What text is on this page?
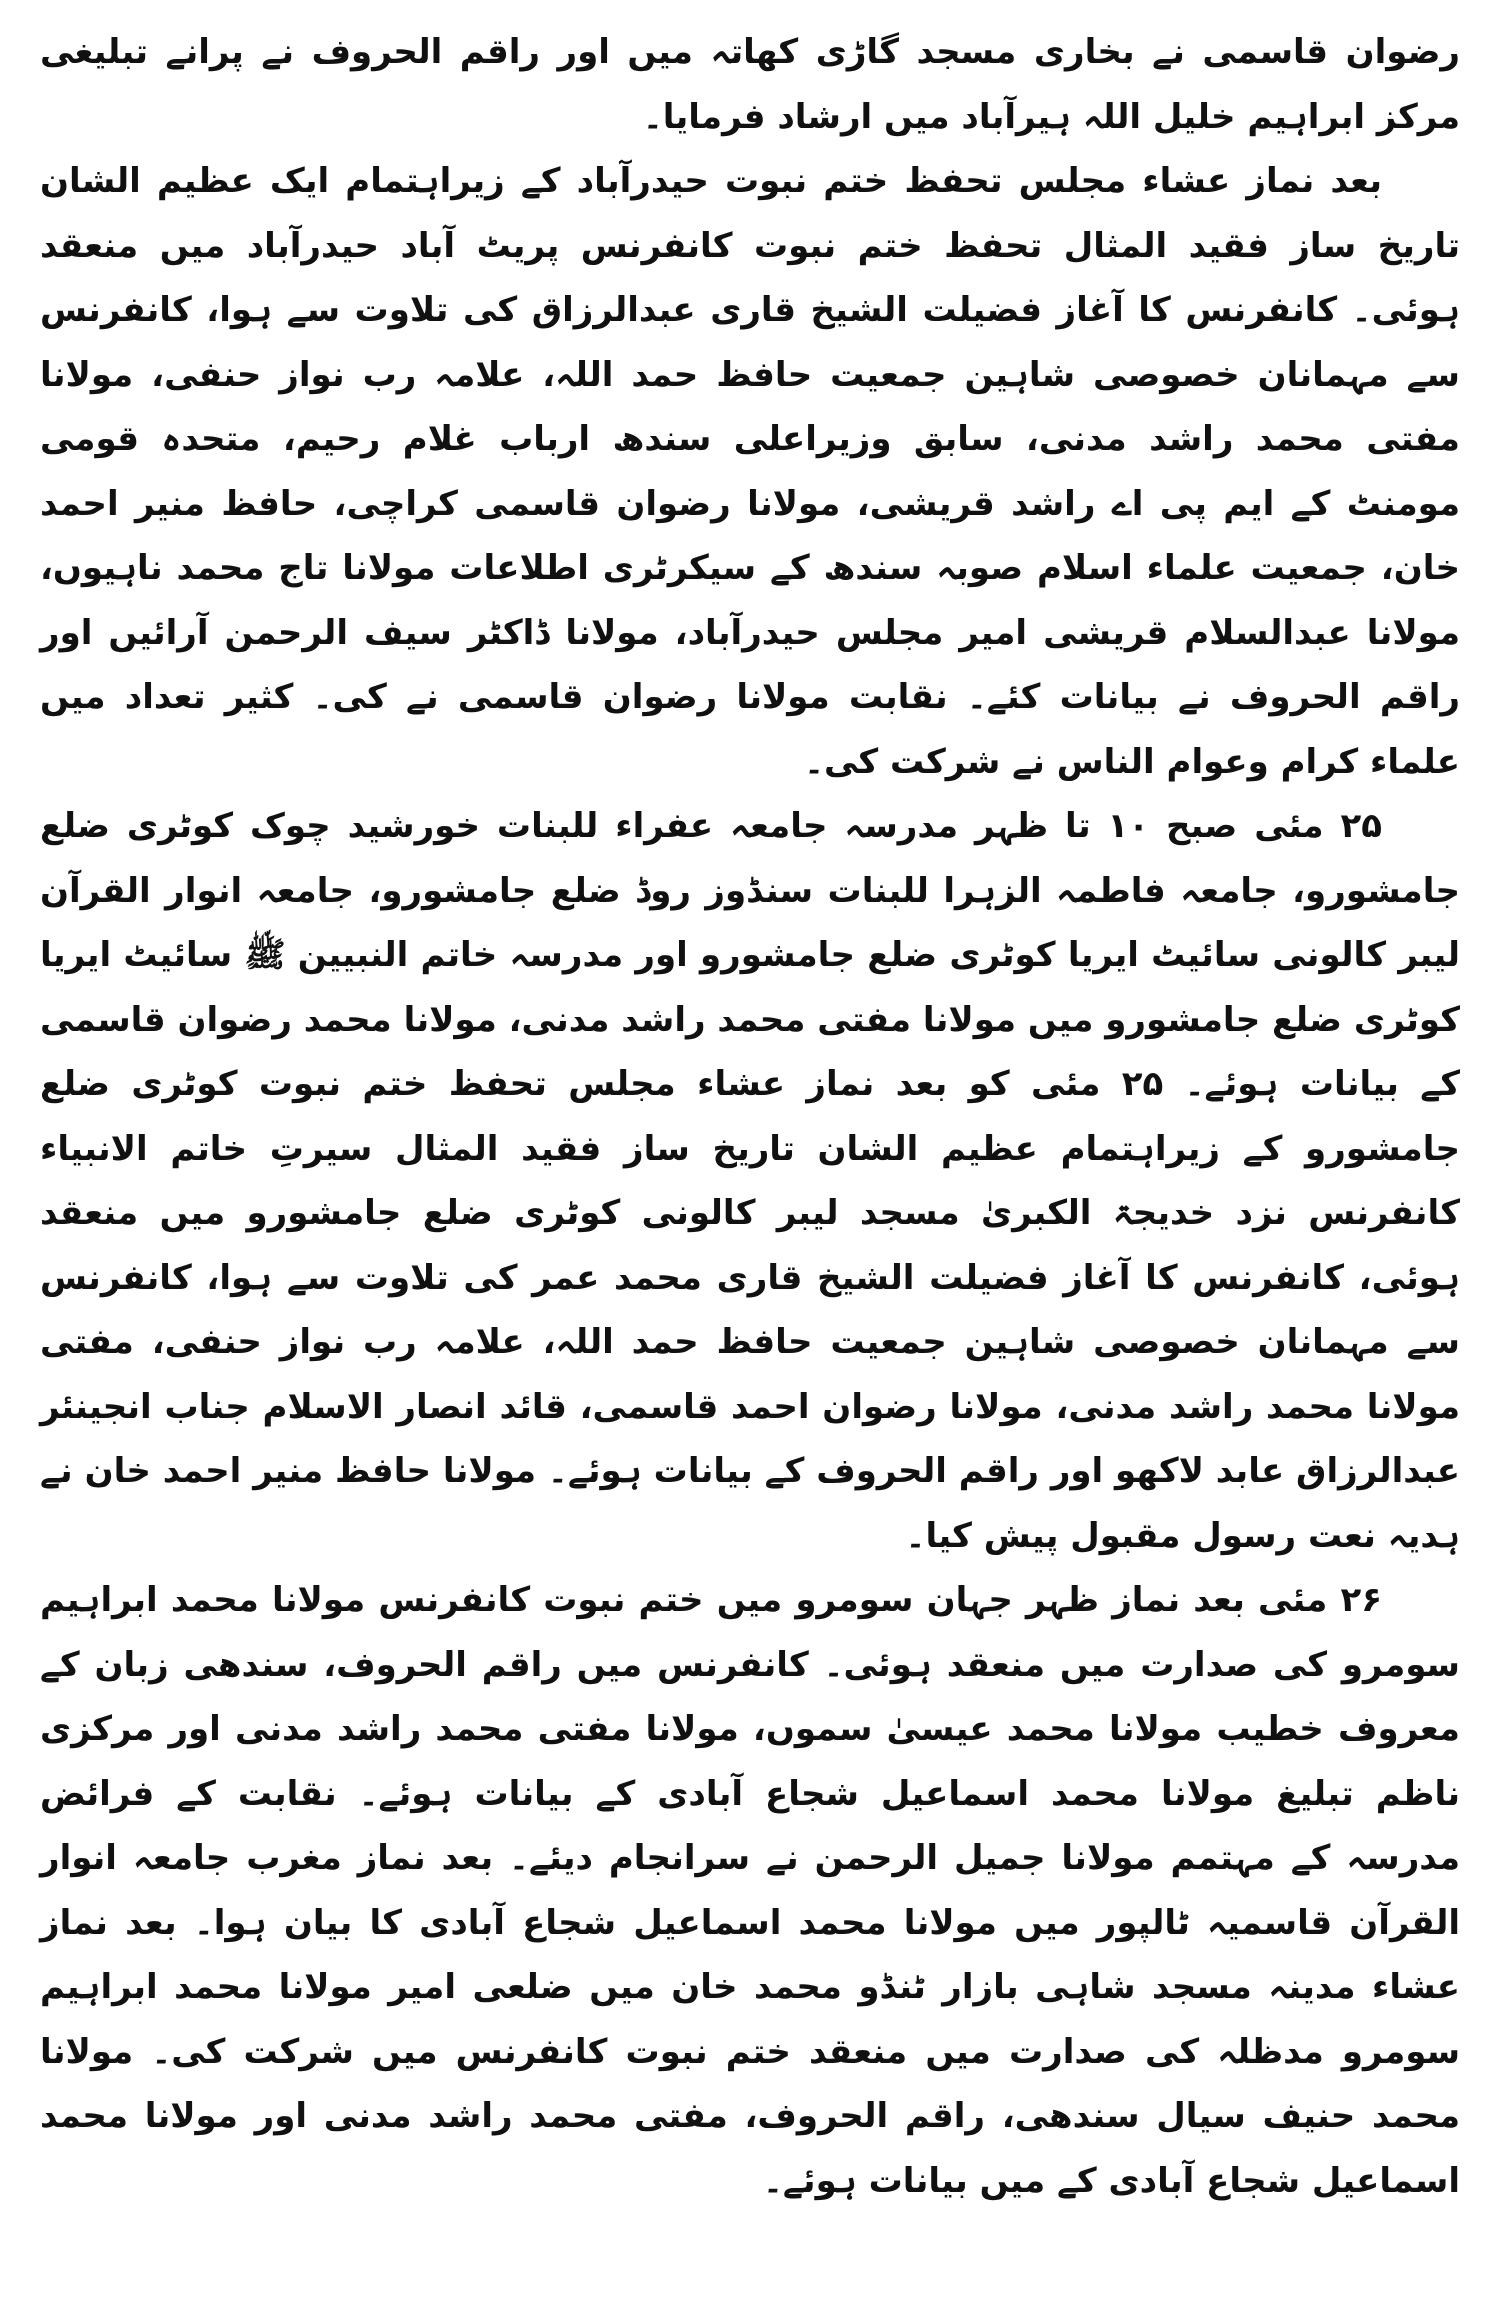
رضوان قاسمی نے بخاری مسجد گاڑی کھاتہ میں اور راقم الحروف نے پرانے تبلیغی مرکز ابراہیم خلیل اللہ ہیرآباد میں ارشاد فرمایا۔

بعد نماز عشاء مجلس تحفظ ختم نبوت حیدرآباد کے زیراہتمام ایک عظیم الشان تاریخ ساز فقید المثال تحفظ ختم نبوت کانفرنس پریٹ آباد حیدرآباد میں منعقد ہوئی۔ کانفرنس کا آغاز فضیلت الشیخ قاری عبدالرزاق کی تلاوت سے ہوا، کانفرنس سے مہمانان خصوصی شاہین جمعیت حافظ حمد اللہ، علامہ رب نواز حنفی، مولانا مفتی محمد راشد مدنی، سابق وزیراعلی سندھ ارباب غلام رحیم، متحدہ قومی مومنٹ کے ایم پی اے راشد قریشی، مولانا رضوان قاسمی کراچی، حافظ منیر احمد خان، جمعیت علماء اسلام صوبہ سندھ کے سیکرٹری اطلاعات مولانا تاج محمد ناہیوں، مولانا عبدالسلام قریشی امیر مجلس حیدرآباد، مولانا ڈاکٹر سیف الرحمن آرائیں اور راقم الحروف نے بیانات کئے۔ نقابت مولانا رضوان قاسمی نے کی۔ کثیر تعداد میں علماء کرام وعوام الناس نے شرکت کی۔

۲۵ مئی صبح ۱۰ تا ظہر مدرسہ جامعہ عفراء للبنات خورشید چوک کوٹری ضلع جامشورو، جامعہ فاطمہ الزہرا للبنات سنڈوز روڈ ضلع جامشورو، جامعہ انوار القرآن لیبر کالونی سائیٹ ایریا کوٹری ضلع جامشورو اور مدرسہ خاتم النبیین ﷺ سائیٹ ایریا کوٹری ضلع جامشورو میں مولانا مفتی محمد راشد مدنی، مولانا محمد رضوان قاسمی کے بیانات ہوئے۔ ۲۵ مئی کو بعد نماز عشاء مجلس تحفظ ختم نبوت کوٹری ضلع جامشورو کے زیراہتمام عظیم الشان تاریخ ساز فقید المثال سیرتِ خاتم الانبیاء کانفرنس نزد خدیجۃ الکبریٰ مسجد لیبر کالونی کوٹری ضلع جامشورو میں منعقد ہوئی، کانفرنس کا آغاز فضیلت الشیخ قاری محمد عمر کی تلاوت سے ہوا، کانفرنس سے مہمانان خصوصی شاہین جمعیت حافظ حمد اللہ، علامہ رب نواز حنفی، مفتی مولانا محمد راشد مدنی، مولانا رضوان احمد قاسمی، قائد انصار الاسلام جناب انجینئر عبدالرزاق عابد لاکھو اور راقم الحروف کے بیانات ہوئے۔ مولانا حافظ منیر احمد خان نے ہدیہ نعت رسول مقبول پیش کیا۔

۲۶ مئی بعد نماز ظہر جہان سومرو میں ختم نبوت کانفرنس مولانا محمد ابراہیم سومرو کی صدارت میں منعقد ہوئی۔ کانفرنس میں راقم الحروف، سندھی زبان کے معروف خطیب مولانا محمد عیسیٰ سموں، مولانا مفتی محمد راشد مدنی اور مرکزی ناظم تبلیغ مولانا محمد اسماعیل شجاع آبادی کے بیانات ہوئے۔ نقابت کے فرائض مدرسہ کے مہتمم مولانا جمیل الرحمن نے سرانجام دیئے۔ بعد نماز مغرب جامعہ انوار القرآن قاسمیہ ٹالپور میں مولانا محمد اسماعیل شجاع آبادی کا بیان ہوا۔ بعد نماز عشاء مدینہ مسجد شاہی بازار ٹنڈو محمد خان میں ضلعی امیر مولانا محمد ابراہیم سومرو مدظلہ کی صدارت میں منعقد ختم نبوت کانفرنس میں شرکت کی۔ مولانا محمد حنیف سیال سندھی، راقم الحروف، مفتی محمد راشد مدنی اور مولانا محمد اسماعیل شجاع آبادی کے میں بیانات ہوئے۔
